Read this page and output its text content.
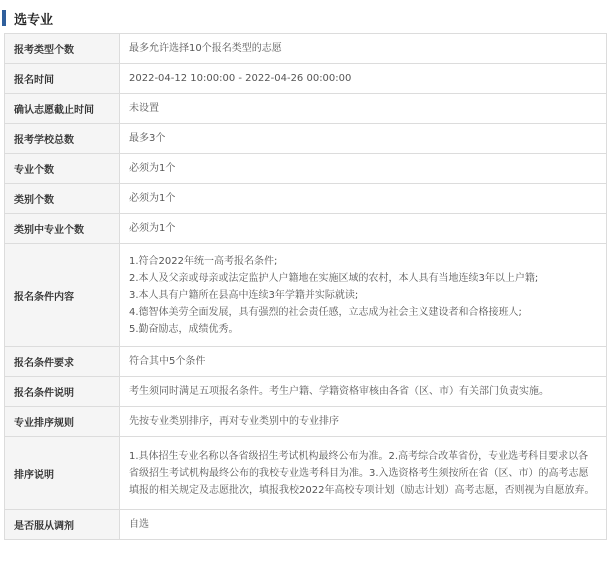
选专业
报考类型个数	最多允许选择10个报名类型的志愿
报名时间	2022-04-12 10:00:00 - 2022-04-26 00:00:00
确认志愿截止时间	未设置
报考学校总数	最多3个
专业个数	必须为1个
类别个数	必须为1个
类别中专业个数	必须为1个
报名条件内容	1.符合2022年统一高考报名条件;
2.本人及父亲或母亲或法定监护人户籍地在实施区域的农村，本人具有当地连续3年以上户籍;
3.本人具有户籍所在县高中连续3年学籍并实际就读;
4.德智体美劳全面发展，具有强烈的社会责任感，立志成为社会主义建设者和合格接班人;
5.勤奋励志，成绩优秀。

报名条件要求	符合其中5个条件
报名条件说明	考生须同时满足五项报名条件。考生户籍、学籍资格审核由各省（区、市）有关部门负责实施。
专业排序规则	先按专业类别排序，再对专业类别中的专业排序
排序说明	1.具体招生专业名称以各省级招生考试机构最终公布为准。2.高考综合改革省份，专业选考科目要求以各省级招生考试机构最终公布的我校专业选考科目为准。3.入选资格考生须按所在省（区、市）的高考志愿填报的相关规定及志愿批次，填报我校2022年高校专项计划（励志计划）高考志愿，否则视为自愿放弃。
是否服从调剂	自选
